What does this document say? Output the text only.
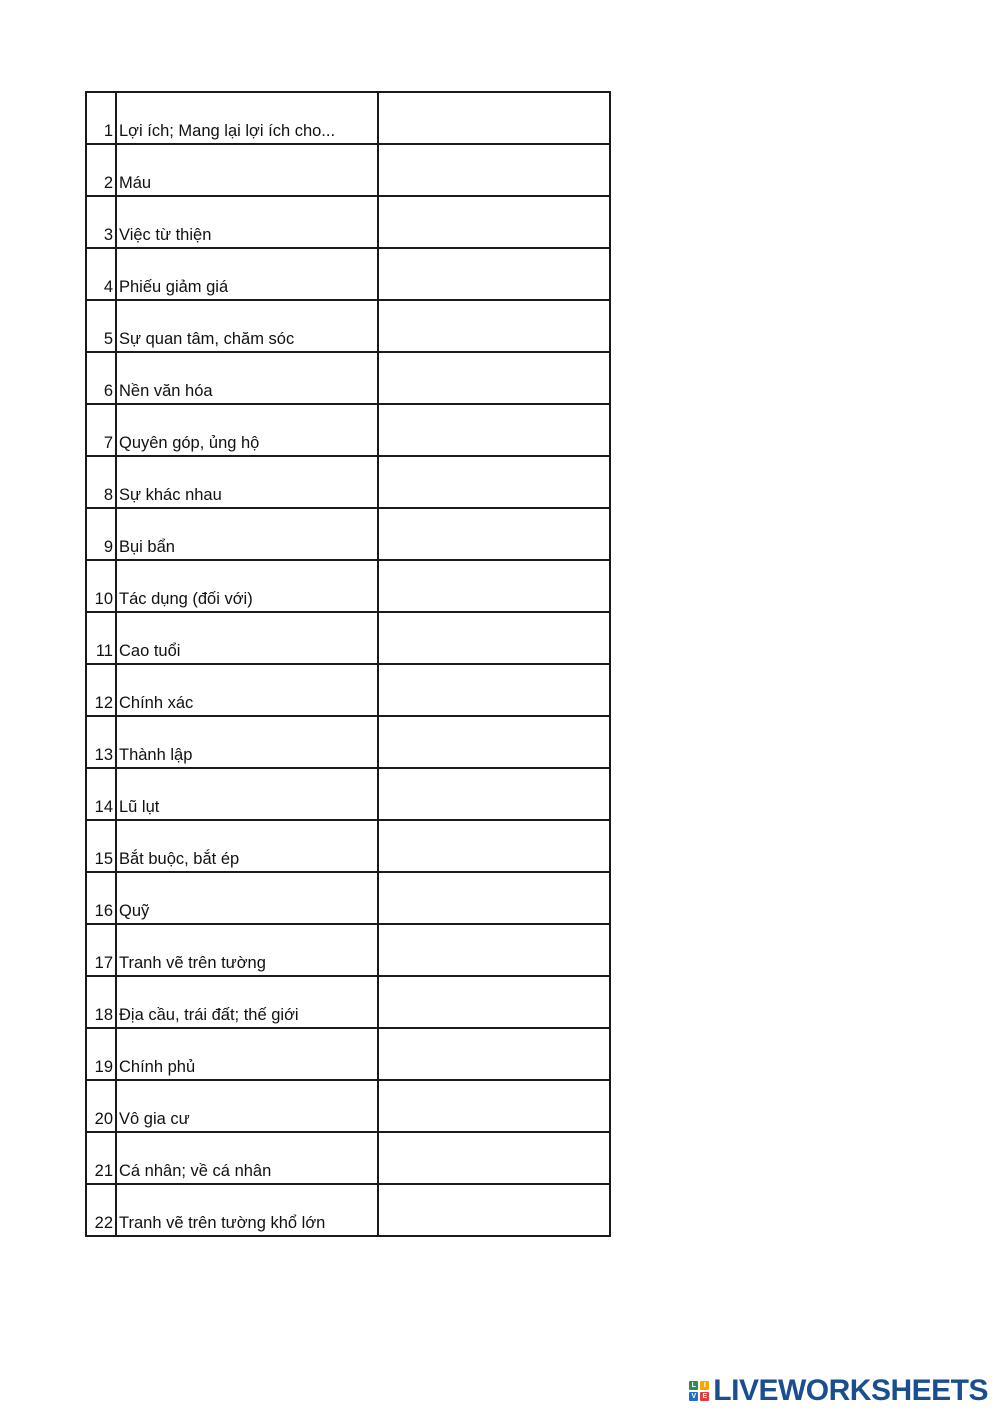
1	Lợi ích; Mang lại lợi ích cho...

2	Máu

3	Việc từ thiện

4	Phiếu giảm giá

5	Sự quan tâm, chăm sóc

6	Nền văn hóa

7	Quyên góp, ủng hộ

8	Sự khác nhau

9	Bụi bẩn

10	Tác dụng (đối với)

11	Cao tuổi

12	Chính xác

13	Thành lập

14	Lũ lụt

15	Bắt buộc, bắt ép

16	Quỹ

17	Tranh vẽ trên tường

18	Địa cầu, trái đất; thế giới

19	Chính phủ

20	Vô gia cư

21	Cá nhân; về cá nhân

22	Tranh vẽ trên tường khổ lớn

L	I
V E LIVEWORKSHEETS
